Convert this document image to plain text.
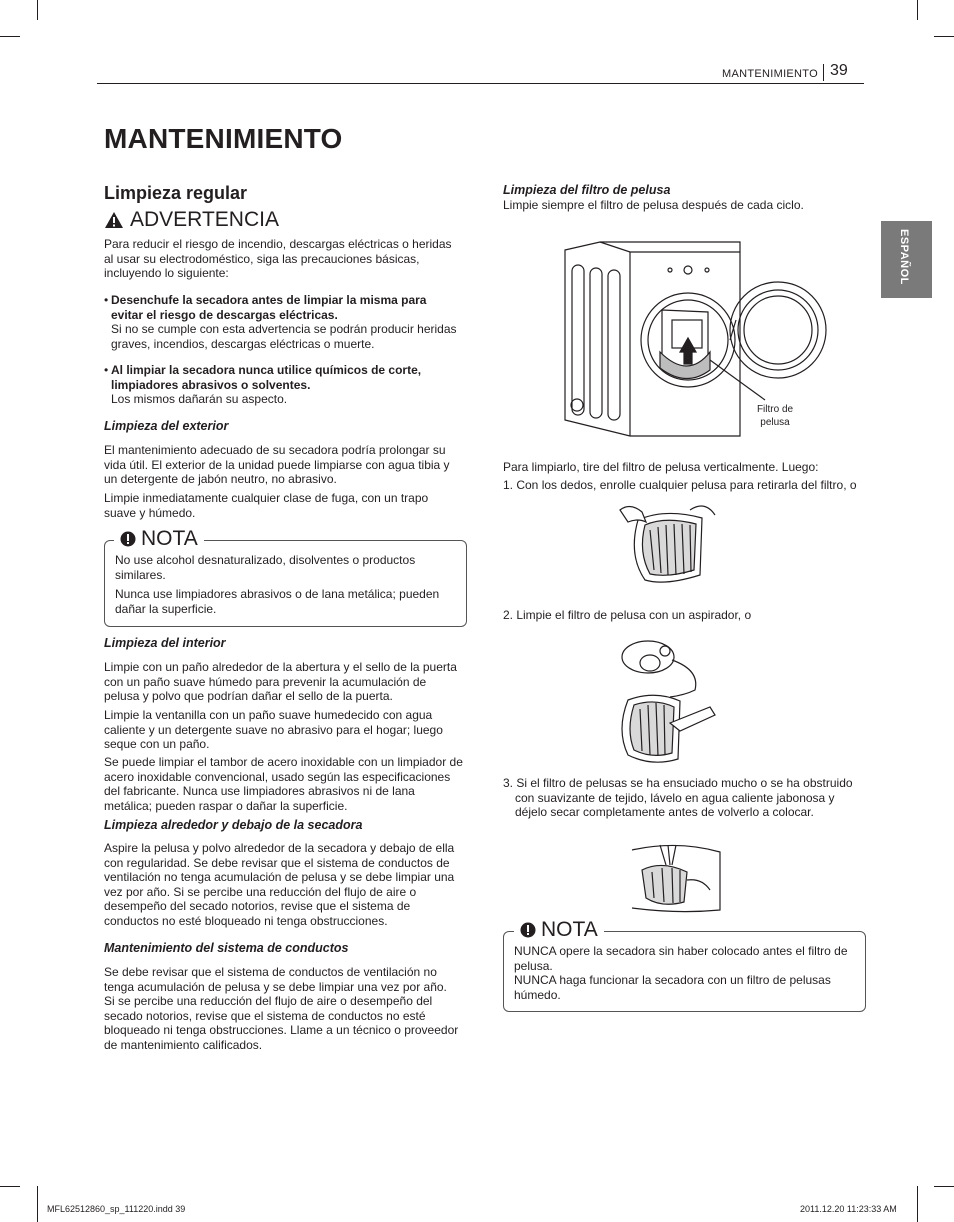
MANTENIMIENTO 39
ESPAÑOL
MANTENIMIENTO
Limpieza regular
ADVERTENCIA
Para reducir el riesgo de incendio, descargas eléctricas o heridas al usar su electrodoméstico, siga las precauciones básicas, incluyendo lo siguiente:
• Desenchufe la secadora antes de limpiar la misma para evitar el riesgo de descargas eléctricas.
Si no se cumple con esta advertencia se podrán producir heridas graves, incendios, descargas eléctricas o muerte.
• Al limpiar la secadora nunca utilice químicos de corte, limpiadores abrasivos o solventes.
Los mismos dañarán su aspecto.
Limpieza del exterior
El mantenimiento adecuado de su secadora podría prolongar su vida útil. El exterior de la unidad puede limpiarse con agua tibia y un detergente de jabón neutro, no abrasivo.
Limpie inmediatamente cualquier clase de fuga, con un trapo suave y húmedo.
NOTA
No use alcohol desnaturalizado, disolventes o productos similares.
Nunca use limpiadores abrasivos o de lana metálica; pueden dañar la superficie.
Limpieza del interior
Limpie con un paño alrededor de la abertura y el sello de la puerta con un paño suave húmedo para prevenir la acumulación de pelusa y polvo que podrían dañar el sello de la puerta.
Limpie la ventanilla con un paño suave humedecido con agua caliente y un detergente suave no abrasivo para el hogar; luego seque con un paño.
Se puede limpiar el tambor de acero inoxidable con un limpiador de acero inoxidable convencional, usado según las especificaciones del fabricante. Nunca use limpiadores abrasivos ni de lana metálica; pueden raspar o dañar la superficie.
Limpieza alrededor y debajo de la secadora
Aspire la pelusa y polvo alrededor de la secadora y debajo de ella con regularidad. Se debe revisar que el sistema de conductos de ventilación no tenga acumulación de pelusa y se debe limpiar una vez por año. Si se percibe una reducción del flujo de aire o desempeño del secado notorios, revise que el sistema de conductos no esté bloqueado ni tenga obstrucciones.
Mantenimiento del sistema de conductos
Se debe revisar que el sistema de conductos de ventilación no tenga acumulación de pelusa y se debe limpiar una vez por año. Si se percibe una reducción del flujo de aire o desempeño del secado notorios, revise que el sistema de conductos no esté bloqueado ni tenga obstrucciones. Llame a un técnico o proveedor de mantenimiento calificados.
Limpieza del filtro de pelusa
Limpie siempre el filtro de pelusa después de cada ciclo.
Filtro de pelusa
Para limpiarlo, tire del filtro de pelusa verticalmente. Luego:
1. Con los dedos, enrolle cualquier pelusa para retirarla del filtro, o
2. Limpie el filtro de pelusa con un aspirador, o
3. Si el filtro de pelusas se ha ensuciado mucho o se ha obstruido con suavizante de tejido, lávelo en agua caliente jabonosa y déjelo secar completamente antes de volverlo a colocar.
NOTA
NUNCA opere la secadora sin haber colocado antes el filtro de pelusa.
NUNCA haga funcionar la secadora con un filtro de pelusas húmedo.
MFL62512860_sp_111220.indd 39	2011.12.20 11:23:33 AM
